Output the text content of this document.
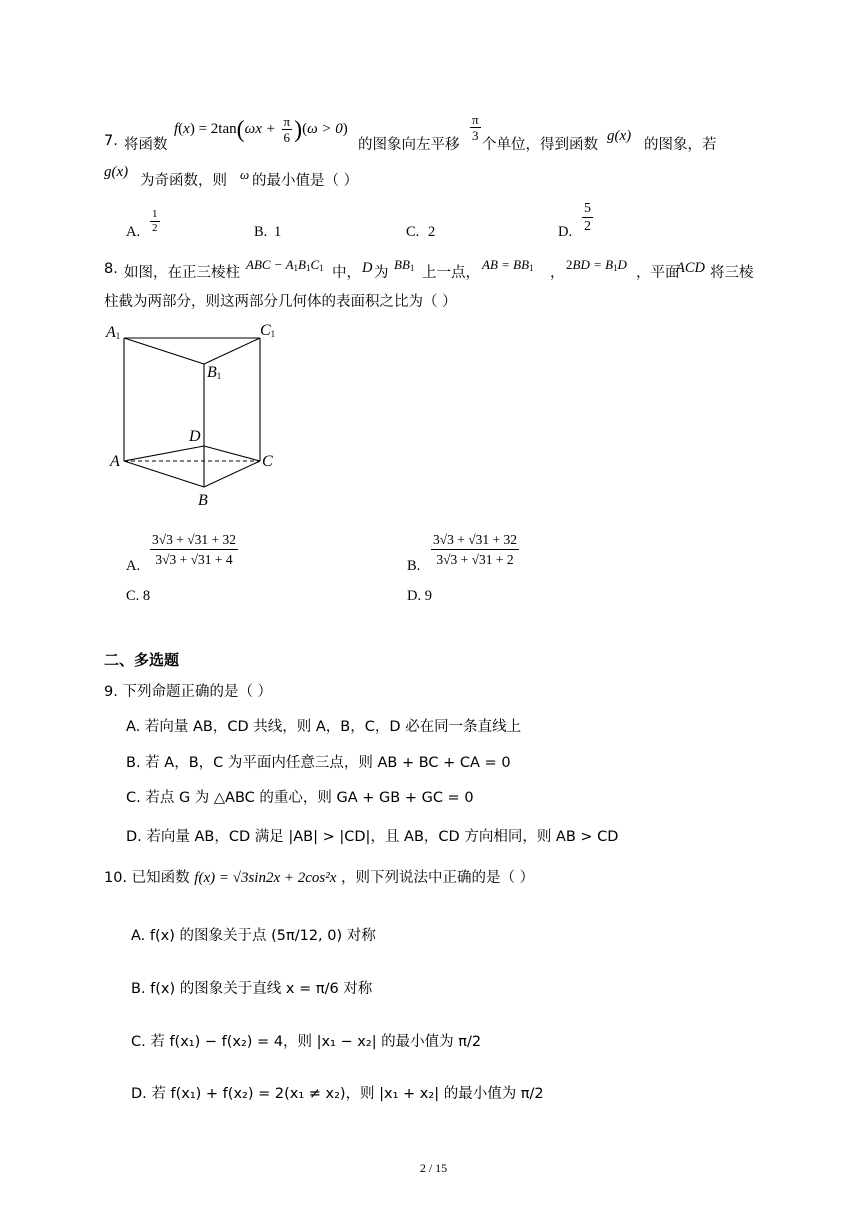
7. 将函数
$f(x) = 2\tan(\omega x + \frac{\pi}{6} )(\omega > 0)$
的图象向左平移
$\frac{\pi}{3}$
个单位，得到函数
g(x)
的图象，若
g(x)
为奇函数，则 ω 的最小值是（ ）
A. $\frac{1}{2}$	B. 1	C. 2	D. $\frac{5}{2}$
8. 如图，在正三棱柱
ABC − $A_1B_1C_1$ 中， D 为
$BB_1$ 上一点，
AB = $BB_1$ ，
$2BD = B_1D$
，平面
ACD 将三棱
柱截为两部分，则这两部分几何体的表面积之比为（ ）
$A_1$	$C_1$
$B_1$
D
A	C
B
A. $\frac{3√3 + √31 + 32}{3√3 + √31 + 4}$	B. $\frac{3√3 + √31 + 32}{3√3 + √31 + 2}$
C. 8	D. 9
二、多选题
9. 下列命题正确的是（ ）
A. 若向量 AB，CD 共线，则 A，B，C，D 必在同一条直线上
B. 若 A，B，C 为平面内任意三点，则 AB + BC + CA = 0
C. 若点 G 为 △ABC 的重心，则 GA + GB + GC = 0
D. 若向量 AB，CD 满足 |AB| > |CD|，且 AB，CD 方向相同，则 AB > CD
10. 已知函数 f(x) = √3sin2x + 2cos²x ，则下列说法中正确的是（ ）
A. f(x) 的图象关于点 (5π/12, 0) 对称
B. f(x) 的图象关于直线 x = π/6 对称
C. 若 f(x₁) − f(x₂) = 4，则 |x₁ − x₂| 的最小值为 π/2
D. 若 f(x₁) + f(x₂) = 2(x₁ ≠ x₂)，则 |x₁ + x₂| 的最小值为 π/2
2 / 15
